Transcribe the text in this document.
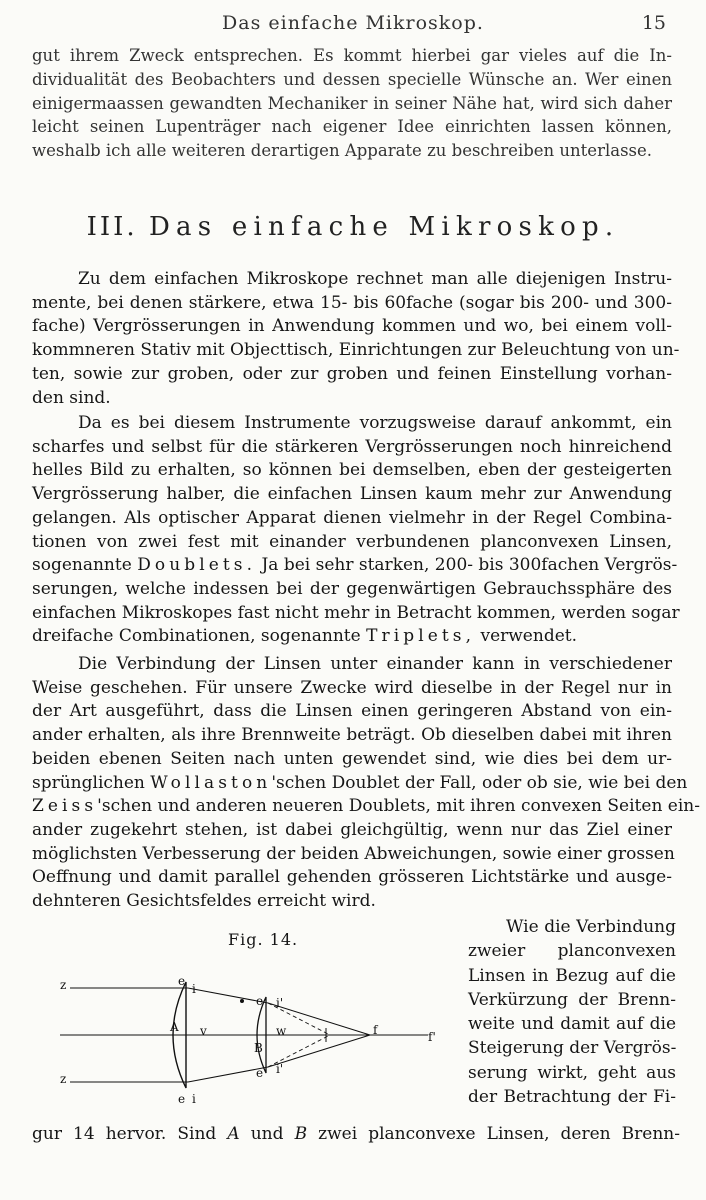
Das einfache Mikroskop.	15
gut ihrem Zweck entsprechen. Es kommt hierbei gar vieles auf die In-
dividualität des Beobachters und dessen specielle Wünsche an. Wer einen
einigermaassen gewandten Mechaniker in seiner Nähe hat, wird sich daher
leicht seinen Lupenträger nach eigener Idee einrichten lassen können,
weshalb ich alle weiteren derartigen Apparate zu beschreiben unterlasse.
III. Das einfache Mikroskop.
Zu dem einfachen Mikroskope rechnet man alle diejenigen Instru-
mente, bei denen stärkere, etwa 15- bis 60fache (sogar bis 200- und 300-
fache) Vergrösserungen in Anwendung kommen und wo, bei einem voll-
kommneren Stativ mit Objecttisch, Einrichtungen zur Beleuchtung von un-
ten, sowie zur groben, oder zur groben und feinen Einstellung vorhan-
den sind.
Da es bei diesem Instrumente vorzugsweise darauf ankommt, ein
scharfes und selbst für die stärkeren Vergrösserungen noch hinreichend
helles Bild zu erhalten, so können bei demselben, eben der gesteigerten
Vergrösserung halber, die einfachen Linsen kaum mehr zur Anwendung
gelangen. Als optischer Apparat dienen vielmehr in der Regel Combina-
tionen von zwei fest mit einander verbundenen planconvexen Linsen,
sogenannte Doublets. Ja bei sehr starken, 200- bis 300fachen Vergrös-
serungen, welche indessen bei der gegenwärtigen Gebrauchssphäre des
einfachen Mikroskopes fast nicht mehr in Betracht kommen, werden sogar
dreifache Combinationen, sogenannte Triplets, verwendet.
Die Verbindung der Linsen unter einander kann in verschiedener
Weise geschehen. Für unsere Zwecke wird dieselbe in der Regel nur in
der Art ausgeführt, dass die Linsen einen geringeren Abstand von ein-
ander erhalten, als ihre Brennweite beträgt. Ob dieselben dabei mit ihren
beiden ebenen Seiten nach unten gewendet sind, wie dies bei dem ur-
sprünglichen Wollaston'schen Doublet der Fall, oder ob sie, wie bei den
Zeiss'schen und anderen neueren Doublets, mit ihren convexen Seiten ein-
ander zugekehrt stehen, ist dabei gleichgültig, wenn nur das Ziel einer
möglichsten Verbesserung der beiden Abweichungen, sowie einer grossen
Oeffnung und damit parallel gehenden grösseren Lichtstärke und ausge-
dehnteren Gesichtsfeldes erreicht wird.
Fig. 14.
z
z
e
i
e i'
A v	w
B
f	f'
e i'
e i
Wie die Verbindung
zweier planconvexen
Linsen in Bezug auf die
Verkürzung der Brenn-
weite und damit auf die
Steigerung der Vergrös-
serung wirkt, geht aus
der Betrachtung der Fi-
gur 14 hervor. Sind A und B zwei planconvexe Linsen, deren Brenn-
